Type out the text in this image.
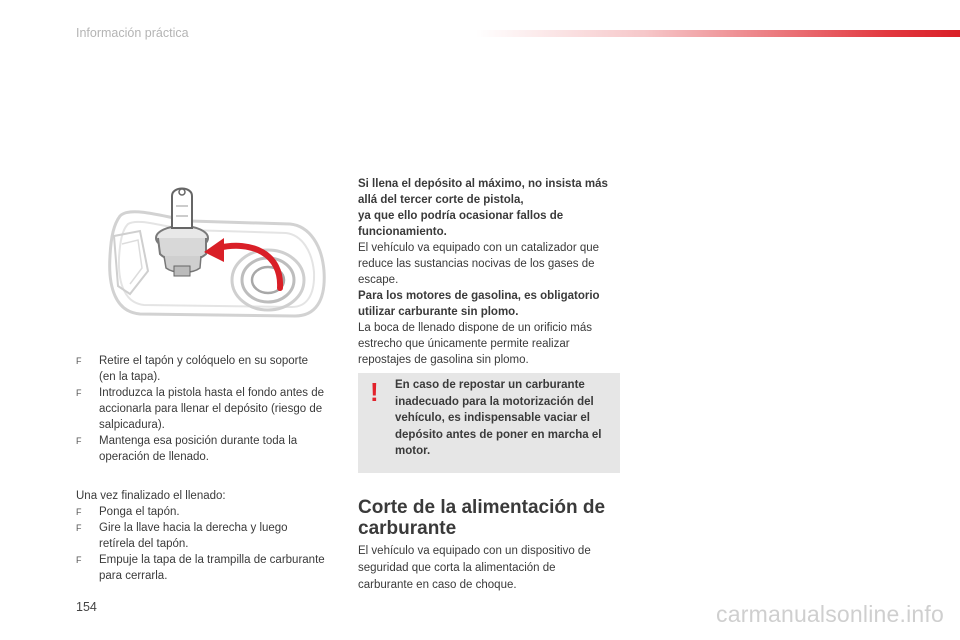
Información práctica
F Retire el tapón y colóquelo en su soporte (en la tapa).
F Introduzca la pistola hasta el fondo antes de accionarla para llenar el depósito (riesgo de salpicadura).
F Mantenga esa posición durante toda la operación de llenado.

Una vez finalizado el llenado:

F Ponga el tapón.
F Gire la llave hacia la derecha y luego retírela del tapón.
F Empuje la tapa de la trampilla de carburante para cerrarla.

Si llena el depósito al máximo, no insista más allá del tercer corte de pistola,

ya que ello podría ocasionar fallos de funcionamiento.

El vehículo va equipado con un catalizador que reduce las sustancias nocivas de los gases de escape.

Para los motores de gasolina, es obligatorio utilizar carburante sin plomo.

La boca de llenado dispone de un orificio más estrecho que únicamente permite realizar repostajes de gasolina sin plomo.

! En caso de repostar un carburante inadecuado para la motorización del vehículo, es indispensable vaciar el depósito antes de poner en marcha el motor.
Corte de la alimentación de carburante
El vehículo va equipado con un dispositivo de seguridad que corta la alimentación de carburante en caso de choque.
154	carmanualsonline.info
